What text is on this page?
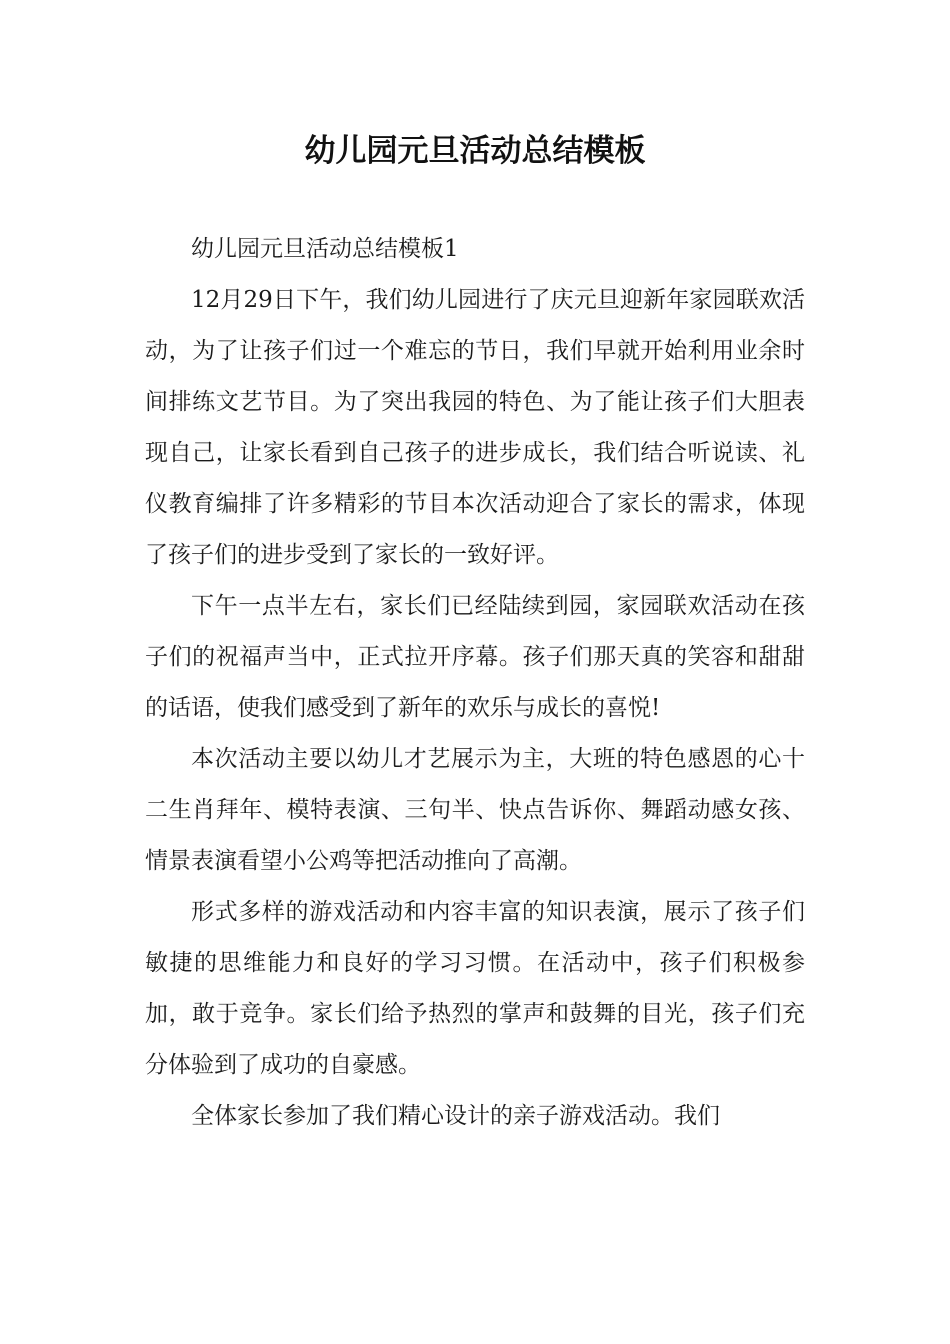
幼儿园元旦活动总结模板

幼儿园元旦活动总结模板1

12月29日下午，我们幼儿园进行了庆元旦迎新年家园联欢活动，为了让孩子们过一个难忘的节日，我们早就开始利用业余时间排练文艺节目。为了突出我园的特色、为了能让孩子们大胆表现自己，让家长看到自己孩子的进步成长，我们结合听说读、礼仪教育编排了许多精彩的节目本次活动迎合了家长的需求，体现了孩子们的进步受到了家长的一致好评。

下午一点半左右，家长们已经陆续到园，家园联欢活动在孩子们的祝福声当中，正式拉开序幕。孩子们那天真的笑容和甜甜的话语，使我们感受到了新年的欢乐与成长的喜悦!

本次活动主要以幼儿才艺展示为主，大班的特色感恩的心十二生肖拜年、模特表演、三句半、快点告诉你、舞蹈动感女孩、情景表演看望小公鸡等把活动推向了高潮。

形式多样的游戏活动和内容丰富的知识表演，展示了孩子们敏捷的思维能力和良好的学习习惯。在活动中，孩子们积极参加，敢于竞争。家长们给予热烈的掌声和鼓舞的目光，孩子们充分体验到了成功的自豪感。

全体家长参加了我们精心设计的亲子游戏活动。我们
